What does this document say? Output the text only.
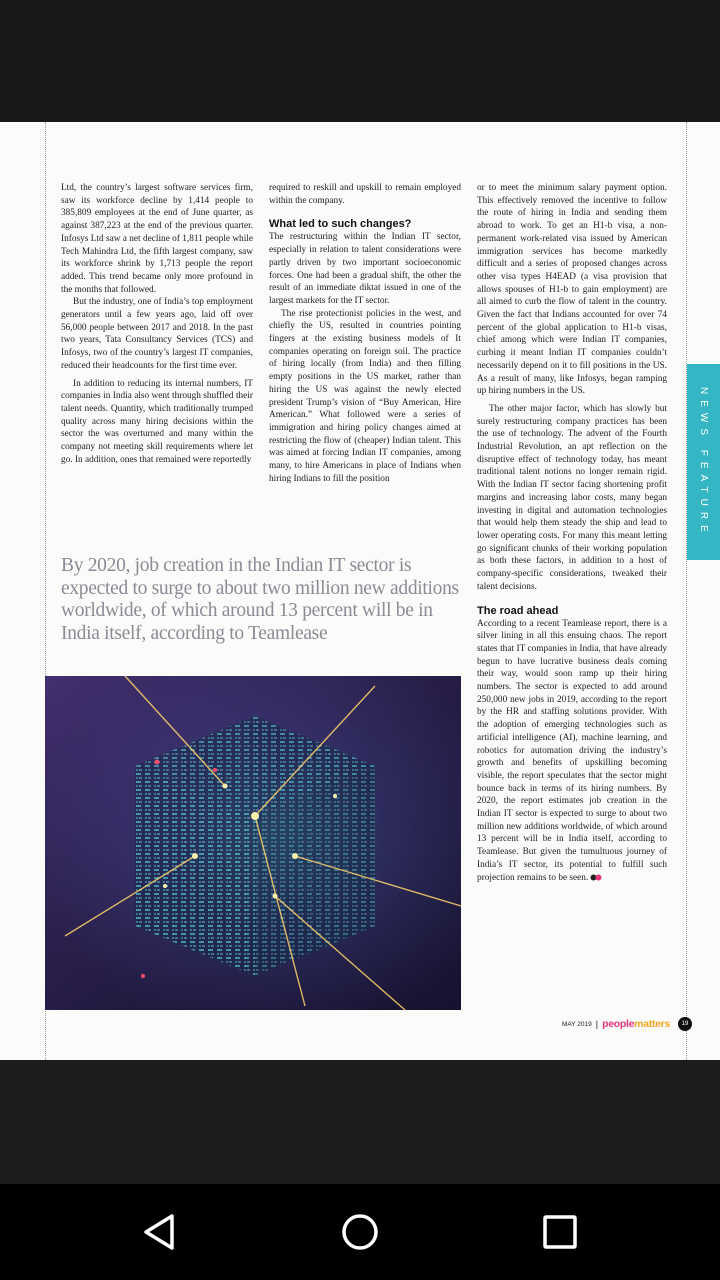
Ltd, the country’s largest software services firm, saw its workforce decline by 1,414 people to 385,809 employees at the end of June quarter, as against 387,223 at the end of the previous quarter. Infosys Ltd saw a net decline of 1,811 people while Tech Mahindra Ltd, the fifth largest company, saw its workforce shrink by 1,713 people the report added. This trend became only more profound in the months that followed.

But the industry, one of India’s top employment generators until a few years ago, laid off over 56,000 people between 2017 and 2018. In the past two years, Tata Consultancy Services (TCS) and Infosys, two of the country’s largest IT companies, reduced their headcounts for the first time ever.

In addition to reducing its internal numbers, IT companies in India also went through shuffled their talent needs. Quantity, which traditionally trumped quality across many hiring decisions within the sector the was overturned and many within the company not meeting skill requirements where let go. In addition, ones that remained were reportedly

required to reskill and upskill to remain employed within the company.

What led to such changes?

The restructuring within the Indian IT sector, especially in relation to talent considerations were partly driven by two important socioeconomic forces. One had been a gradual shift, the other the result of an immediate diktat issued in one of the largest markets for the IT sector.

The rise protectionist policies in the west, and chiefly the US, resulted in countries pointing fingers at the existing business models of It companies operating on foreign soil. The practice of hiring locally (from India) and then filling empty positions in the US market, rather than hiring the US was against the newly elected president Trump’s vision of “Buy American, Hire American.” What followed were a series of immigration and hiring policy changes aimed at restricting the flow of (cheaper) Indian talent. This was aimed at forcing Indian IT companies, among many, to hire Americans in place of Indians when hiring Indians to fill the position

or to meet the minimum salary payment option. This effectively removed the incentive to follow the route of hiring in India and sending them abroad to work. To get an H1-b visa, a non-permanent work-related visa issued by American immigration services has become markedly difficult and a series of proposed changes across other visa types H4EAD (a visa provision that allows spouses of H1-b to gain employment) are all aimed to curb the flow of talent in the country. Given the fact that Indians accounted for over 74 percent of the global application to H1-b visas, chief among which were Indian IT companies, curbing it meant Indian IT companies couldn’t necessarily depend on it to fill positions in the US. As a result of many, like Infosys, began ramping up hiring numbers in the US.

The other major factor, which has slowly but surely restructuring company practices has been the use of technology. The advent of the Fourth Industrial Revolution, an apt reflection on the disruptive effect of technology today, has meant traditional talent notions no longer remain rigid. With the Indian IT sector facing shortening profit margins and increasing labor costs, many began investing in digital and automation technologies that would help them steady the ship and lead to lower operating costs. For many this meant letting go significant chunks of their working population as both these factors, in addition to a host of company-specific considerations, tweaked their talent decisions.

The road ahead

According to a recent Teamlease report, there is a silver lining in all this ensuing chaos. The report states that IT companies in India, that have already begun to have lucrative business deals coming their way, would soon ramp up their hiring numbers. The sector is expected to add around 250,000 new jobs in 2019, according to the report by the HR and staffing solutions provider. With the adoption of emerging technologies such as artificial intelligence (AI), machine learning, and robotics for automation driving the industry’s growth and benefits of upskilling becoming visible, the report speculates that the sector might bounce back in terms of its hiring numbers. By 2020, the report estimates job creation in the Indian IT sector is expected to surge to about two million new additions worldwide, of which around 13 percent will be in India itself, according to Teamlease. But given the tumultuous journey of India’s IT sector, its potential to fulfill such projection remains to be seen.

By 2020, job creation in the Indian IT sector is expected to surge to about two million new additions worldwide, of which around 13 percent will be in India itself, according to Teamlease
MAY 2019 | peoplematters	19
NEWS FEATURE
